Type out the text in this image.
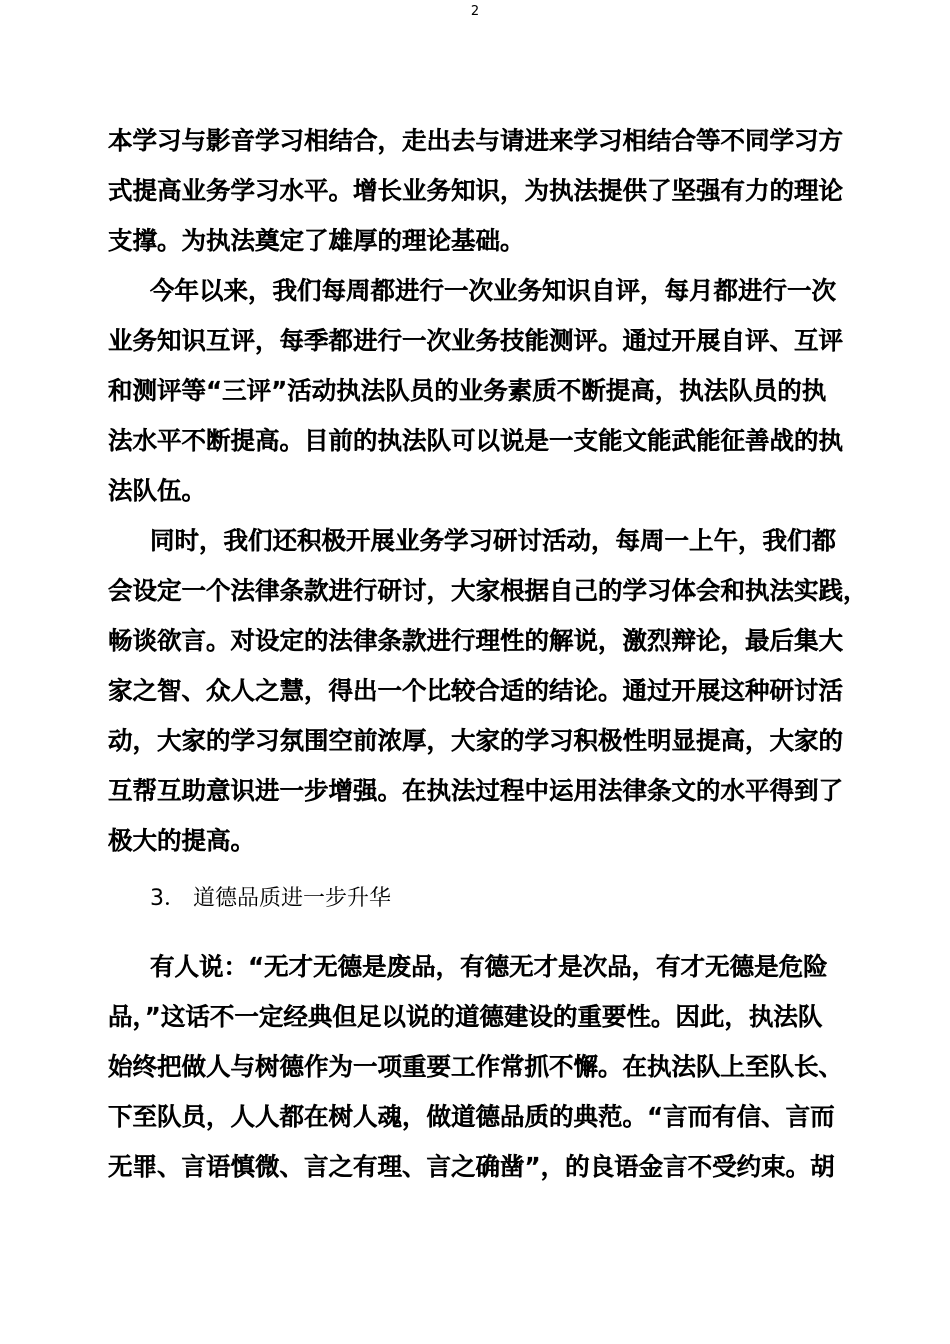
2
本学习与影音学习相结合，走出去与请进来学习相结合等不同学习方
式提高业务学习水平。增长业务知识，为执法提供了坚强有力的理论
支撑。为执法奠定了雄厚的理论基础。
今年以来，我们每周都进行一次业务知识自评，每月都进行一次
业务知识互评，每季都进行一次业务技能测评。通过开展自评、互评
和测评等“三评”活动执法队员的业务素质不断提高，执法队员的执
法水平不断提高。目前的执法队可以说是一支能文能武能征善战的执
法队伍。
同时，我们还积极开展业务学习研讨活动，每周一上午，我们都
会设定一个法律条款进行研讨，大家根据自己的学习体会和执法实践，
畅谈欲言。对设定的法律条款进行理性的解说，激烈辩论，最后集大
家之智、众人之慧，得出一个比较合适的结论。通过开展这种研讨活
动，大家的学习氛围空前浓厚，大家的学习积极性明显提高，大家的
互帮互助意识进一步增强。在执法过程中运用法律条文的水平得到了
极大的提高。
3． 道德品质进一步升华
有人说：“无才无德是废品，有德无才是次品，有才无德是危险
品，”这话不一定经典但足以说的道德建设的重要性。因此，执法队
始终把做人与树德作为一项重要工作常抓不懈。在执法队上至队长、
下至队员，人人都在树人魂，做道德品质的典范。“言而有信、言而
无罪、言语慎微、言之有理、言之确凿”，的良语金言不受约束。胡
